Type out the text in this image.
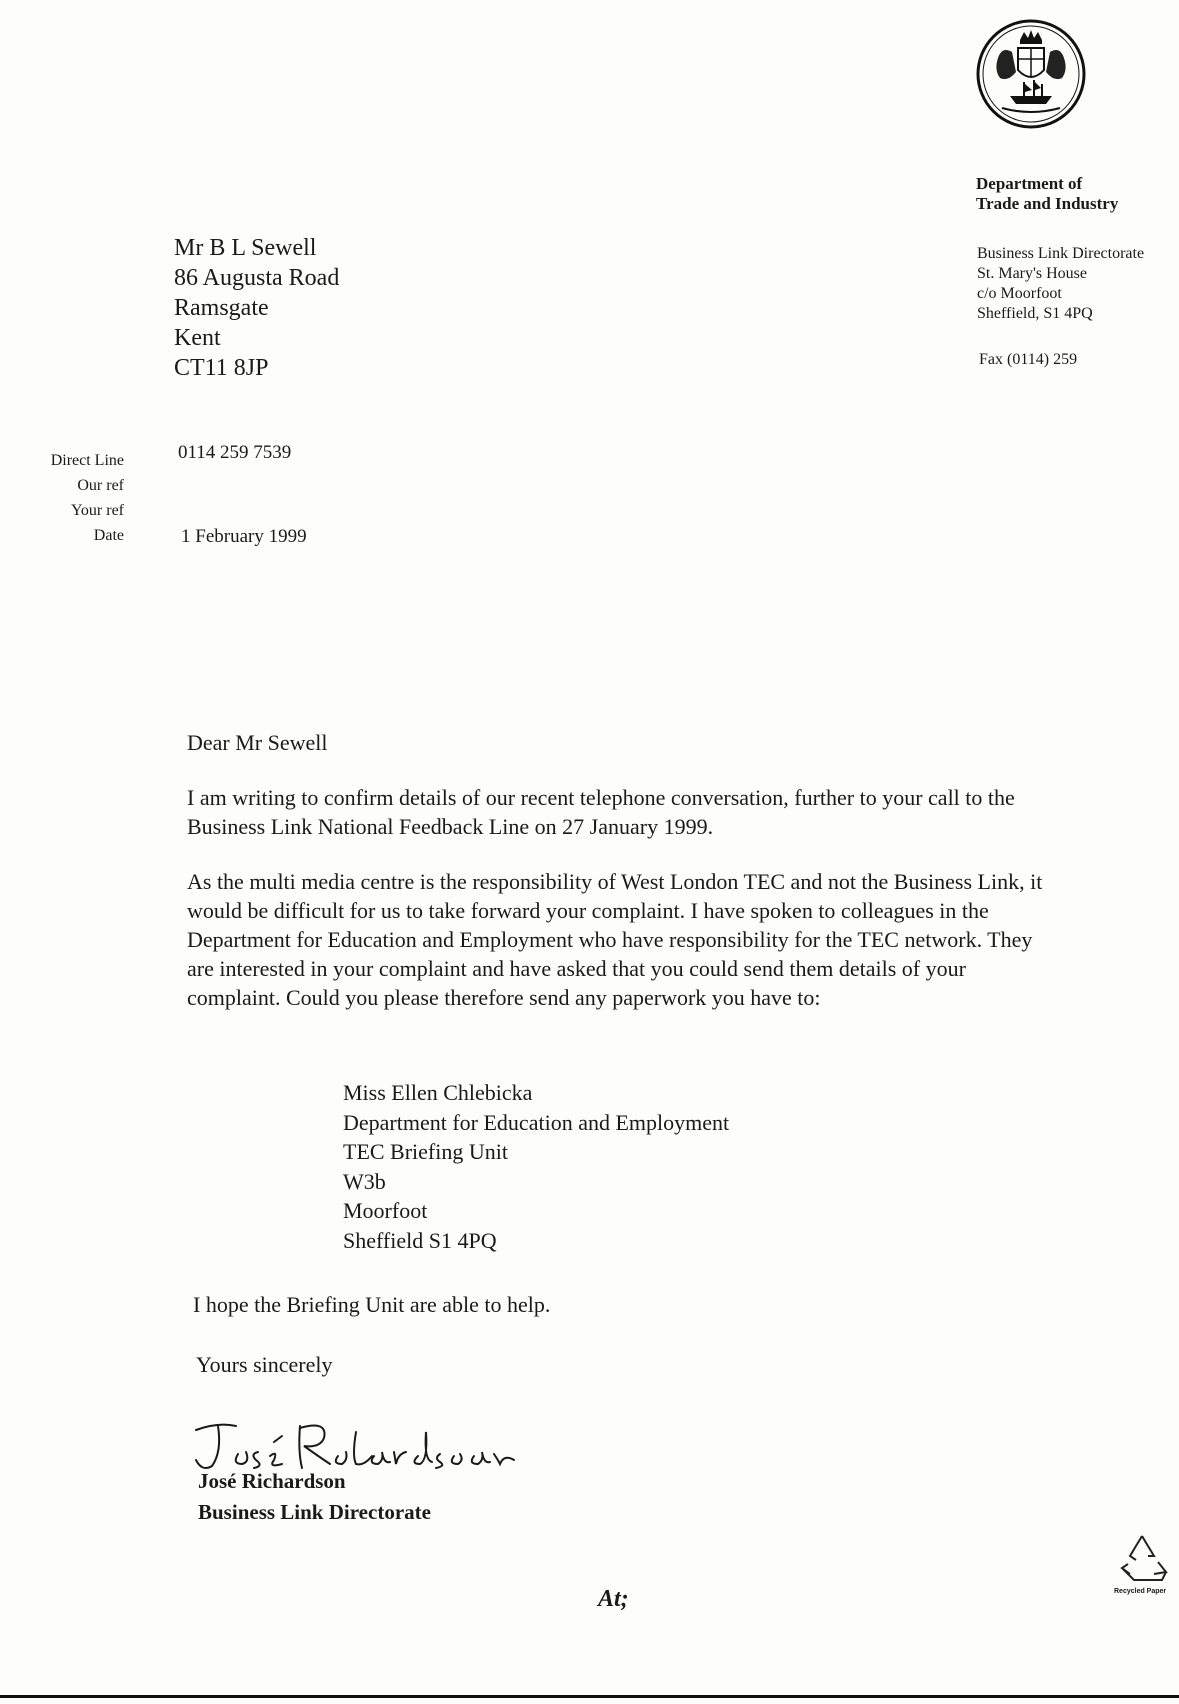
Department of
Trade and Industry
Business Link Directorate
St. Mary's House
c/o Moorfoot
Sheffield, S1 4PQ
Fax (0114) 259
Mr B L Sewell
86 Augusta Road
Ramsgate
Kent
CT11 8JP
Direct Line
Our ref
Your ref
Date
0114 259 7539
1 February 1999
Dear Mr Sewell
I am writing to confirm details of our recent telephone conversation, further to your call to the Business Link National Feedback Line on 27 January 1999.
As the multi media centre is the responsibility of West London TEC and not the Business Link, it would be difficult for us to take forward your complaint. I have spoken to colleagues in the Department for Education and Employment who have responsibility for the TEC network. They are interested in your complaint and have asked that you could send them details of your complaint. Could you please therefore send any paperwork you have to:
Miss Ellen Chlebicka
Department for Education and Employment
TEC Briefing Unit
W3b
Moorfoot
Sheffield S1 4PQ
I hope the Briefing Unit are able to help.
Yours sincerely
José Richardson
Business Link Directorate
At;	Recycled Paper
